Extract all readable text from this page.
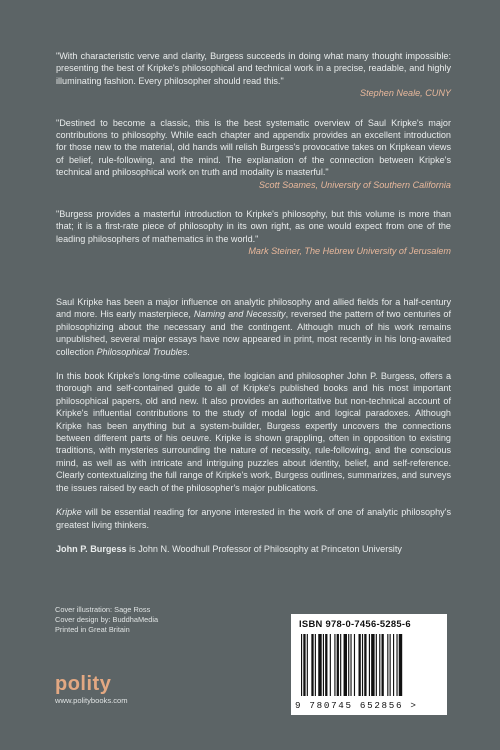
"With characteristic verve and clarity, Burgess succeeds in doing what many thought impossible: presenting the best of Kripke's philosophical and technical work in a precise, readable, and highly illuminating fashion. Every philosopher should read this."

Stephen Neale, CUNY

"Destined to become a classic, this is the best systematic overview of Saul Kripke's major contributions to philosophy. While each chapter and appendix provides an excellent introduction for those new to the material, old hands will relish Burgess's provocative takes on Kripkean views of belief, rule-following, and the mind. The explanation of the connection between Kripke's technical and philosophical work on truth and modality is masterful."

Scott Soames, University of Southern California

"Burgess provides a masterful introduction to Kripke's philosophy, but this volume is more than that; it is a first-rate piece of philosophy in its own right, as one would expect from one of the leading philosophers of mathematics in the world."

Mark Steiner, The Hebrew University of Jerusalem

Saul Kripke has been a major influence on analytic philosophy and allied fields for a half-century and more. His early masterpiece, Naming and Necessity, reversed the pattern of two centuries of philosophizing about the necessary and the contingent. Although much of his work remains unpublished, several major essays have now appeared in print, most recently in his long-awaited collection Philosophical Troubles.

In this book Kripke's long-time colleague, the logician and philosopher John P. Burgess, offers a thorough and self-contained guide to all of Kripke's published books and his most important philosophical papers, old and new. It also provides an authoritative but non-technical account of Kripke's influential contributions to the study of modal logic and logical paradoxes. Although Kripke has been anything but a system-builder, Burgess expertly uncovers the connections between different parts of his oeuvre. Kripke is shown grappling, often in opposition to existing traditions, with mysteries surrounding the nature of necessity, rule-following, and the conscious mind, as well as with intricate and intriguing puzzles about identity, belief, and self-reference. Clearly contextualizing the full range of Kripke's work, Burgess outlines, summarizes, and surveys the issues raised by each of the philosopher's major publications.

Kripke will be essential reading for anyone interested in the work of one of analytic philosophy's greatest living thinkers.

John P. Burgess is John N. Woodhull Professor of Philosophy at Princeton University

Cover illustration: Sage Ross
Cover design by: BuddhaMedia
Printed in Great Britain
polity
www.politybooks.com
ISBN 978-0-7456-5285-6
9 780745 652856 >
